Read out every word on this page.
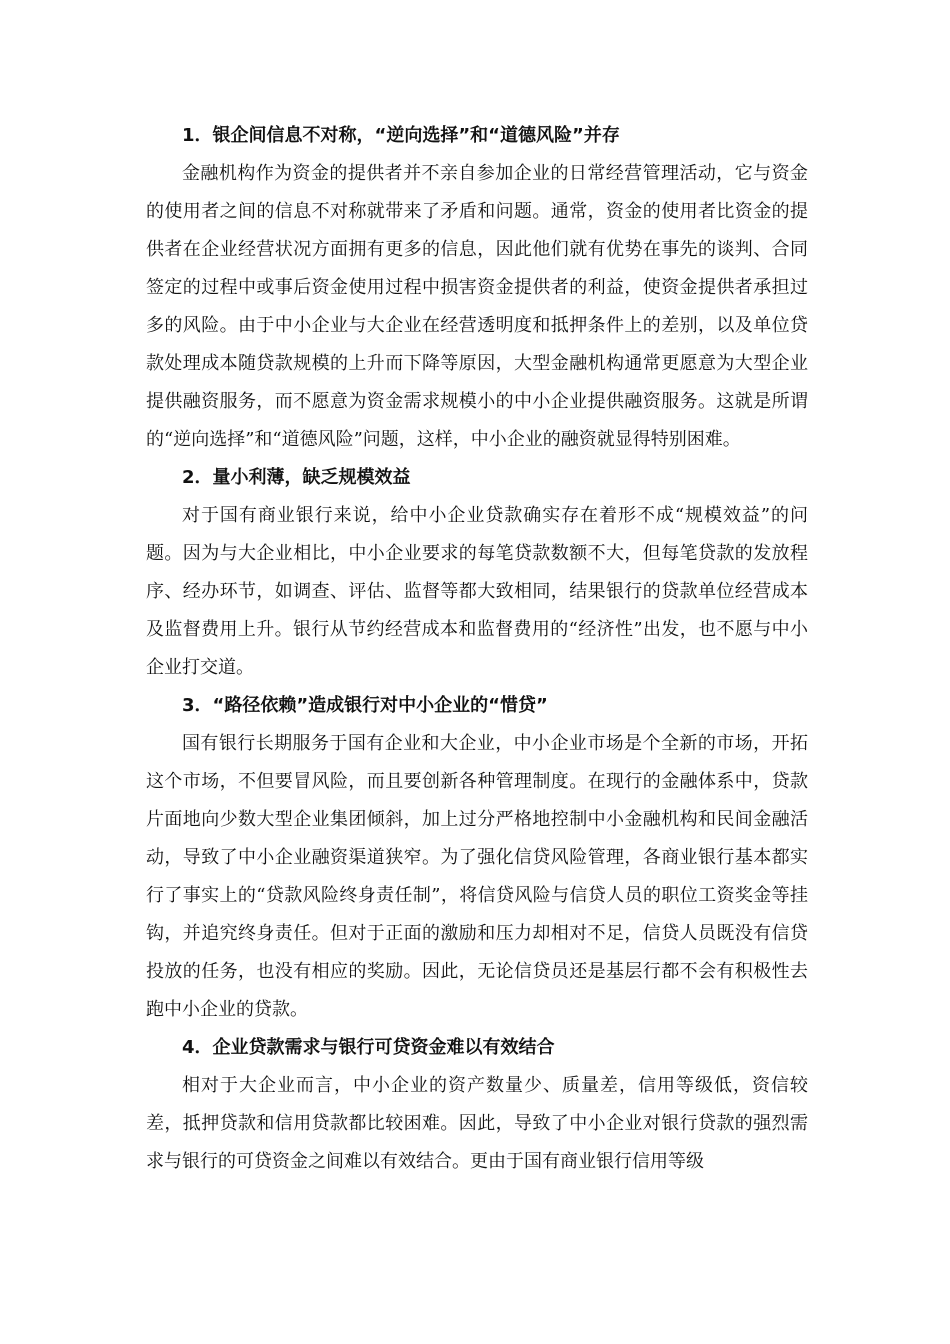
1．银企间信息不对称，“逆向选择”和“道德风险”并存

金融机构作为资金的提供者并不亲自参加企业的日常经营管理活动，它与资金的使用者之间的信息不对称就带来了矛盾和问题。通常，资金的使用者比资金的提供者在企业经营状况方面拥有更多的信息，因此他们就有优势在事先的谈判、合同签定的过程中或事后资金使用过程中损害资金提供者的利益，使资金提供者承担过多的风险。由于中小企业与大企业在经营透明度和抵押条件上的差别，以及单位贷款处理成本随贷款规模的上升而下降等原因，大型金融机构通常更愿意为大型企业提供融资服务，而不愿意为资金需求规模小的中小企业提供融资服务。这就是所谓的“逆向选择”和“道德风险”问题，这样，中小企业的融资就显得特别困难。

2．量小利薄，缺乏规模效益

对于国有商业银行来说，给中小企业贷款确实存在着形不成“规模效益”的问题。因为与大企业相比，中小企业要求的每笔贷款数额不大，但每笔贷款的发放程序、经办环节，如调查、评估、监督等都大致相同，结果银行的贷款单位经营成本及监督费用上升。银行从节约经营成本和监督费用的“经济性”出发，也不愿与中小企业打交道。

3．“路径依赖”造成银行对中小企业的“惜贷”

国有银行长期服务于国有企业和大企业，中小企业市场是个全新的市场，开拓这个市场，不但要冒风险，而且要创新各种管理制度。在现行的金融体系中，贷款片面地向少数大型企业集团倾斜，加上过分严格地控制中小金融机构和民间金融活动，导致了中小企业融资渠道狭窄。为了强化信贷风险管理，各商业银行基本都实行了事实上的“贷款风险终身责任制”，将信贷风险与信贷人员的职位工资奖金等挂钩，并追究终身责任。但对于正面的激励和压力却相对不足，信贷人员既没有信贷投放的任务，也没有相应的奖励。因此，无论信贷员还是基层行都不会有积极性去跑中小企业的贷款。

4．企业贷款需求与银行可贷资金难以有效结合

相对于大企业而言，中小企业的资产数量少、质量差，信用等级低，资信较差，抵押贷款和信用贷款都比较困难。因此，导致了中小企业对银行贷款的强烈需求与银行的可贷资金之间难以有效结合。更由于国有商业银行信用等级
